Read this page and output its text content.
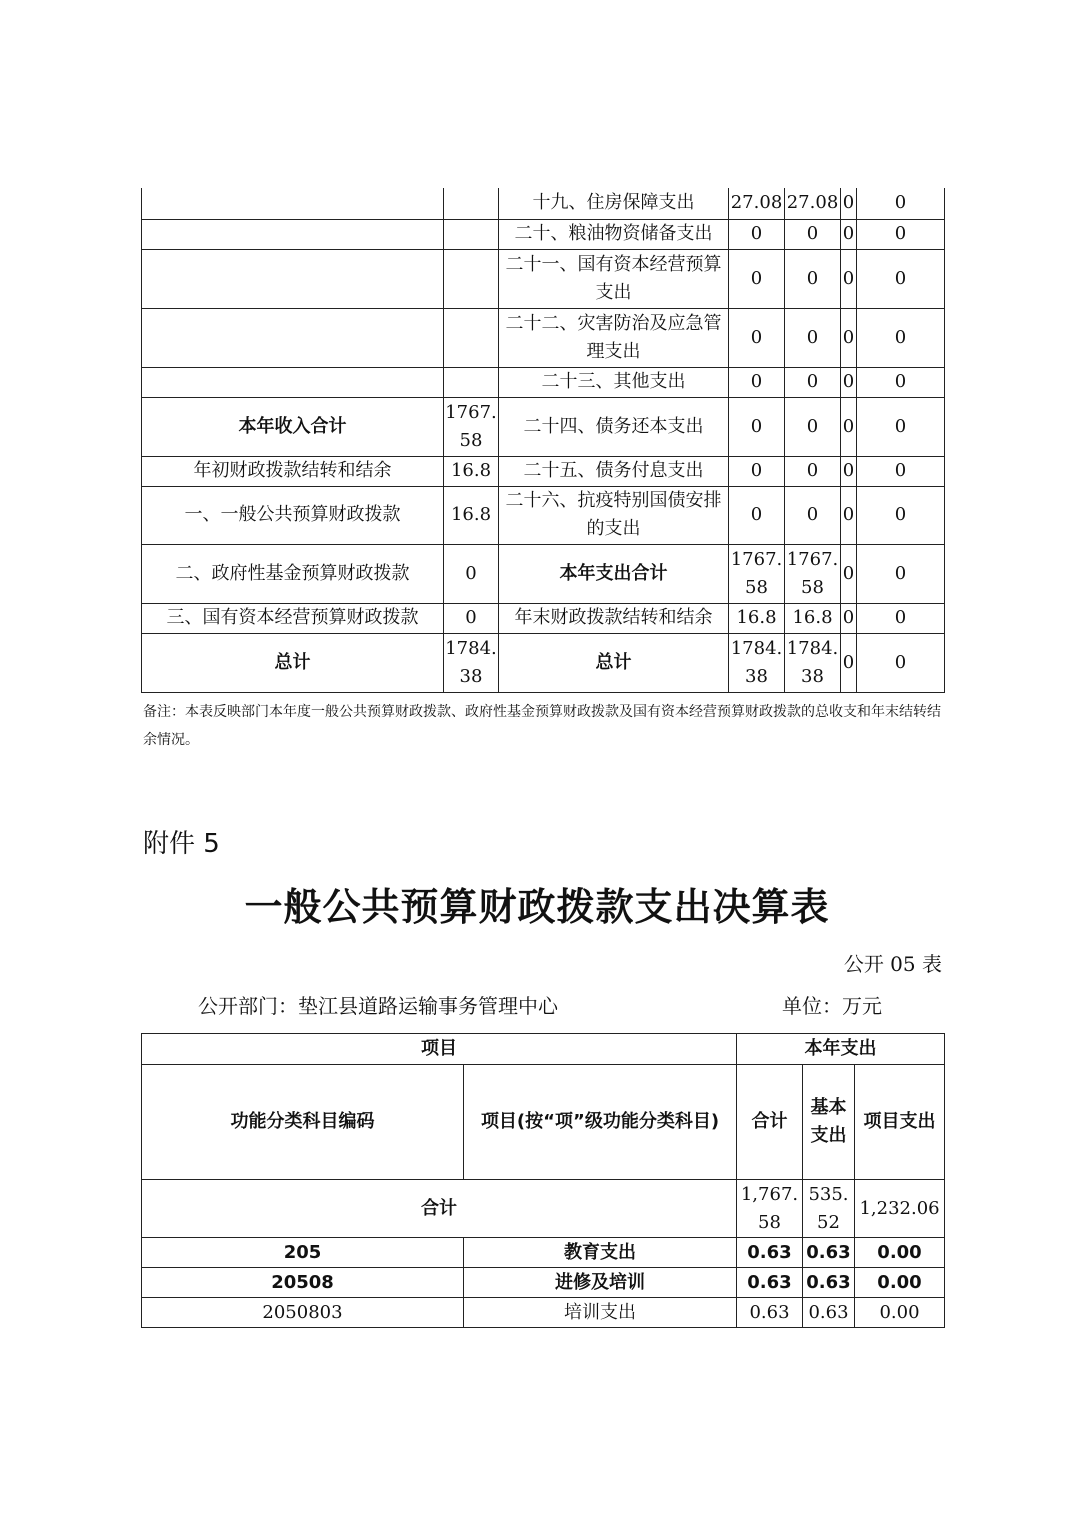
		十九、住房保障支出	27.08	27.08	0	0
		二十、粮油物资储备支出	0	0	0	0
		二十一、国有资本经营预算支出	0	0	0	0
		二十二、灾害防治及应急管理支出	0	0	0	0
		二十三、其他支出	0	0	0	0
本年收入合计	1767.58	二十四、债务还本支出	0	0	0	0
年初财政拨款结转和结余	16.8	二十五、债务付息支出	0	0	0	0
一、一般公共预算财政拨款	16.8	二十六、抗疫特别国债安排的支出	0	0	0	0
二、政府性基金预算财政拨款	0	本年支出合计	1767.58	1767.58	0	0
三、国有资本经营预算财政拨款	0	年末财政拨款结转和结余	16.8	16.8	0	0
总计	1784.38	总计	1784.38	1784.38	0	0
备注：本表反映部门本年度一般公共预算财政拨款、政府性基金预算财政拨款及国有资本经营预算财政拨款的总收支和年末结转结余情况。
附件 5
一般公共预算财政拨款支出决算表
公开 05 表
公开部门：垫江县道路运输事务管理中心	单位：万元
项目		本年支出		
功能分类科目编码	项目(按“项”级功能分类科目)	合计	基本支出	项目支出
合计		1,767.58	535.52	1,232.06
205	教育支出	0.63	0.63	0.00
20508	进修及培训	0.63	0.63	0.00
2050803	培训支出	0.63	0.63	0.00
